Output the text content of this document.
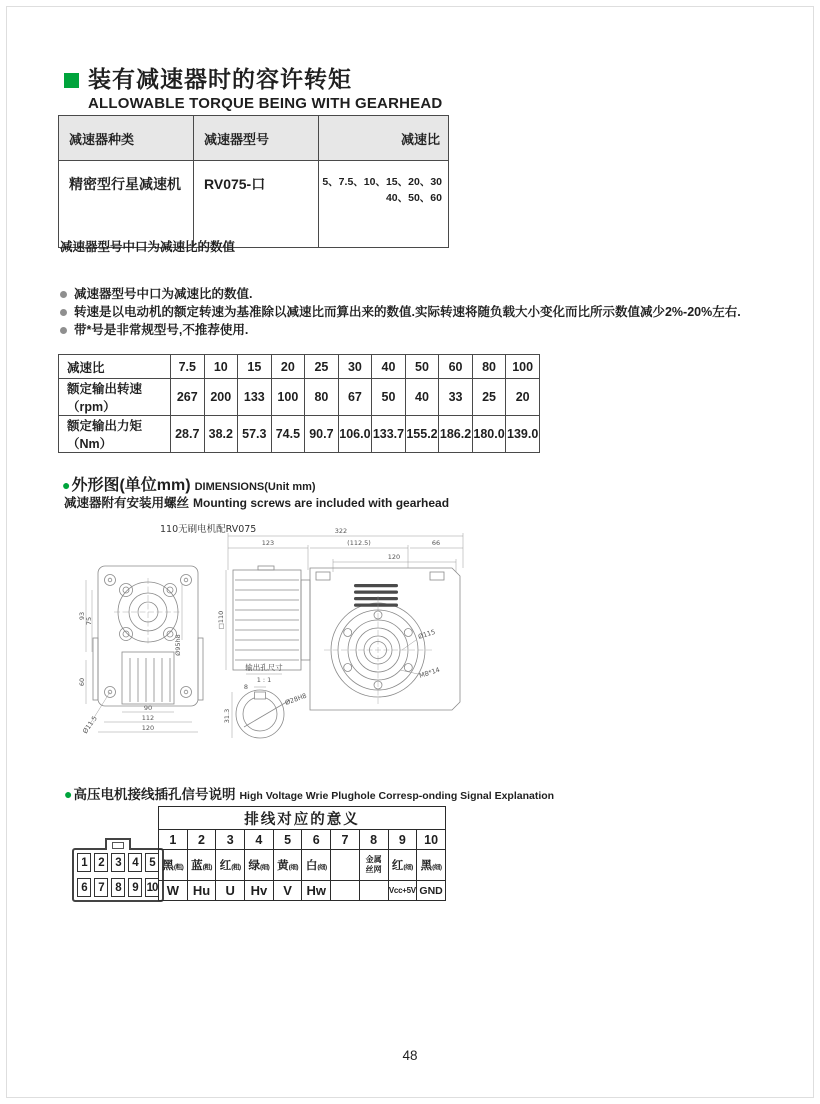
装有减速器时的容许转矩
ALLOWABLE TORQUE BEING WITH GEARHEAD
减速器种类	减速器型号	减速比
精密型行星减速机	RV075-口	5、7.5、10、15、20、30
40、50、60

减速器型号中口为减速比的数值

减速器型号中口为减速比的数值.
转速是以电动机的额定转速为基准除以减速比而算出来的数值.实际转速将随负载大小变化而比所示数值减少2%-20%左右.
带*号是非常规型号,不推荐使用.
减速比	7.5	10	15	20	25	30	40	50	60	80	100
额定输出转速（rpm）	267	200	133	100	80	67	50	40	33	25	20
额定输出力矩（Nm）	28.7	38.2	57.3	74.5	90.7	106.0	133.7	155.2	186.2	180.0	139.0
●外形图(单位mm) DIMENSIONS(Unit mm)
减速器附有安装用螺丝 Mounting screws are included with gearhead
110无刷电机配RV075	322
123	(112.5)	66
120
□110
93
75
60
Ø95h8
90
112
120
Ø11.5
Ø115
M8*14
输出孔尺寸
1 : 1
8
31.3
Ø28H8
●高压电机接线插孔信号说明 High Voltage Wrie Plughole Corresp-onding Signal Explanation
1	2	3	4	5
6	7	8	9 10
排线对应的意义									
1	2	3	4	5	6	7	8	9	10
黑(粗)	蓝(粗)	红(粗)	绿(细)	黄(细)	白(细)		金属丝网	红(细)	黑(细)
W	Hu	U	Hv	V	Hw			Vcc+5V	GND
48
